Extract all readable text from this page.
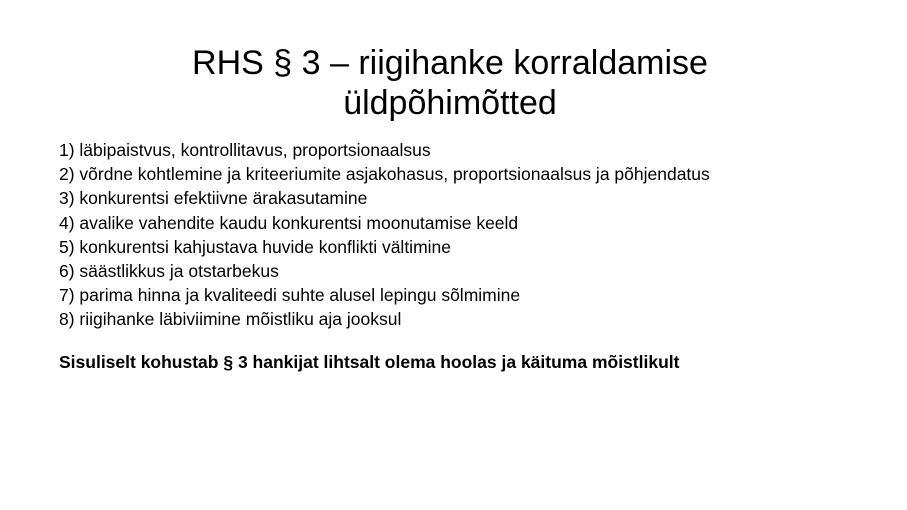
RHS § 3 – riigihanke korraldamise
üldpõhimõtted
1) läbipaistvus, kontrollitavus, proportsionaalsus
2) võrdne kohtlemine ja kriteeriumite asjakohasus, proportsionaalsus ja põhjendatus
3) konkurentsi efektiivne ärakasutamine
4) avalike vahendite kaudu konkurentsi moonutamise keeld
5) konkurentsi kahjustava huvide konflikti vältimine
6) säästlikkus ja otstarbekus
7) parima hinna ja kvaliteedi suhte alusel lepingu sõlmimine
8) riigihanke läbiviimine mõistliku aja jooksul

Sisuliselt kohustab § 3 hankijat lihtsalt olema hoolas ja käituma mõistlikult
